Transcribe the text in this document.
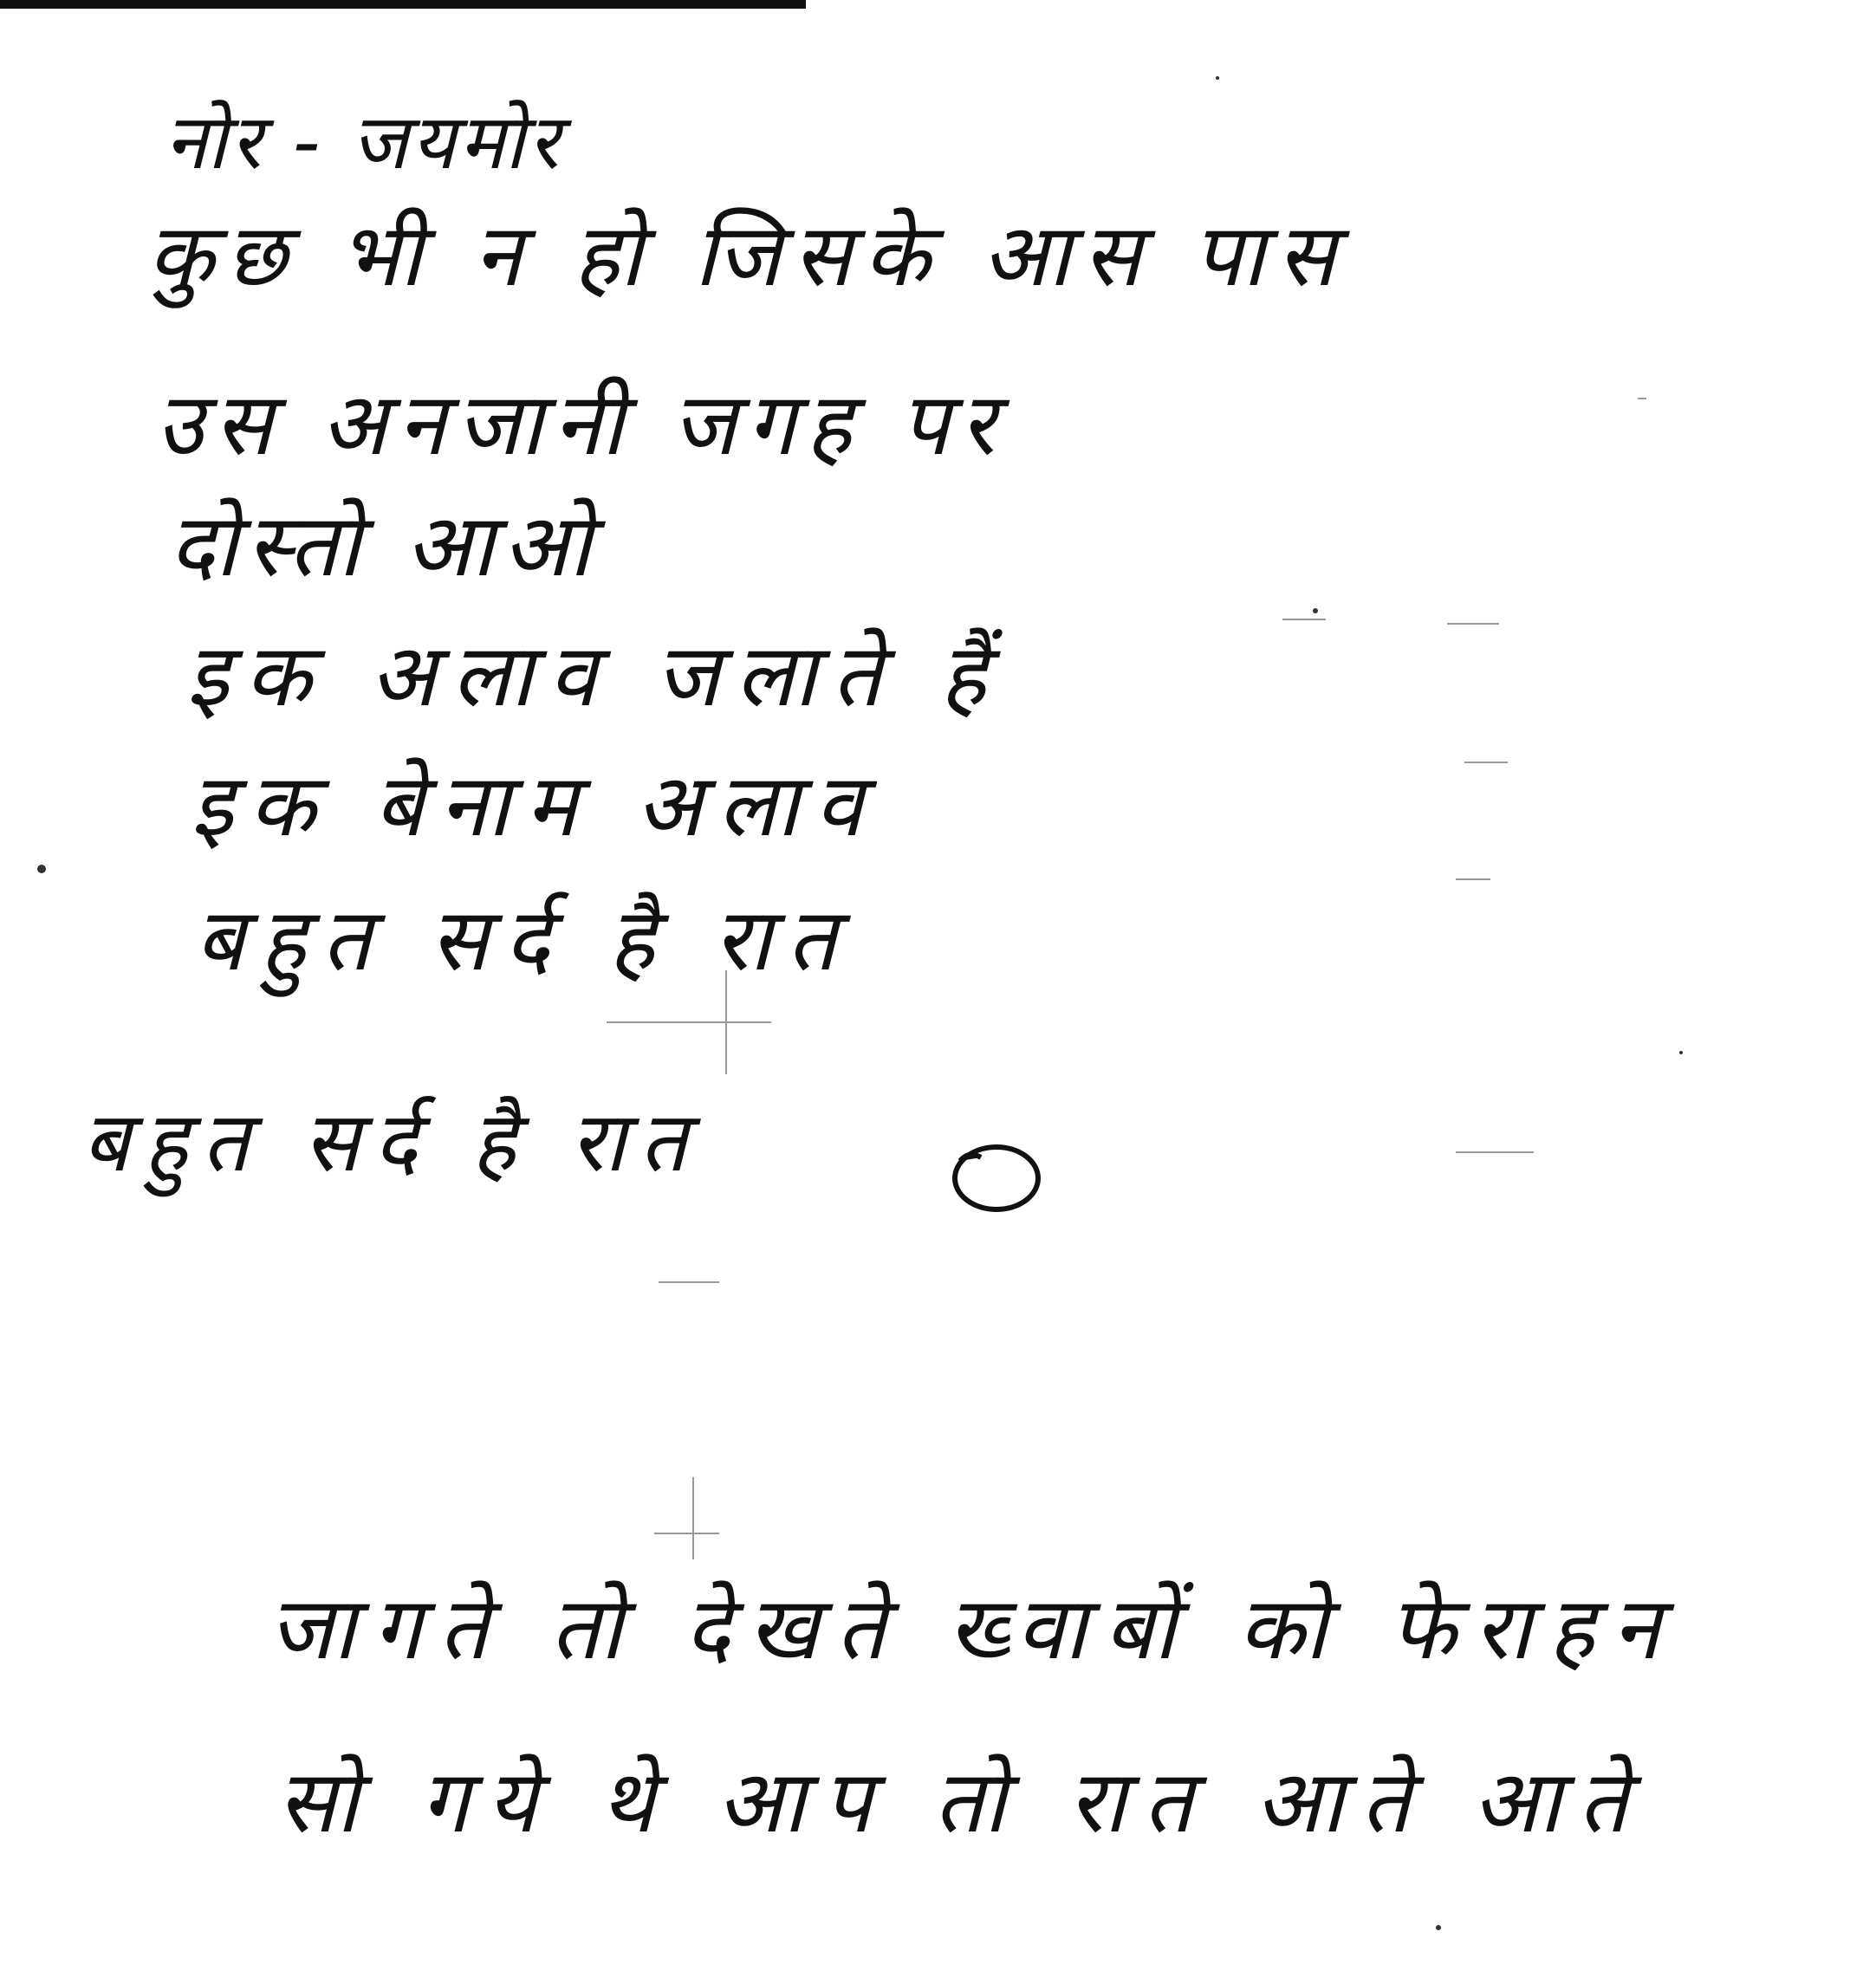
नोर - जयमोर
कुछ भी न हो जिसके आस पास
उस अनजानी जगह पर
दोस्तो आओ
इक अलाव जलाते हैं
इक बेनाम अलाव
बहुत सर्द है रात
बहुत सर्द है रात
जागते तो देखते ख्वाबों को फेराहन
सो गये थे आप तो रात आते आते
